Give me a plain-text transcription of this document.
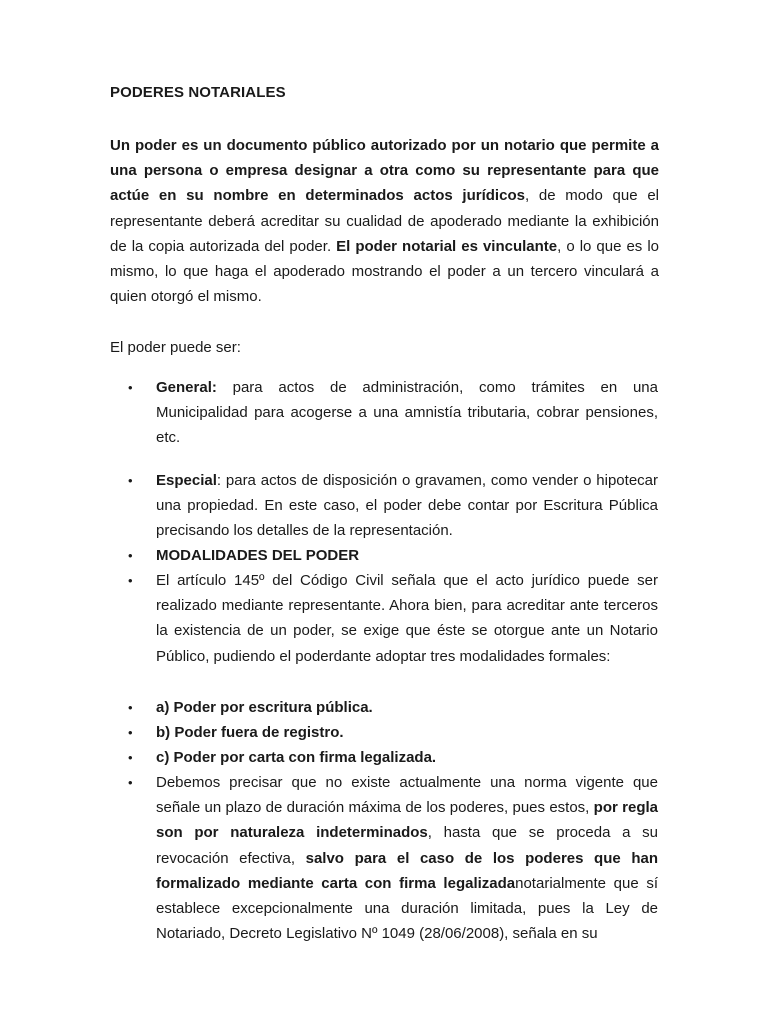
PODERES NOTARIALES
Un poder es un documento público autorizado por un notario que permite a una persona o empresa designar a otra como su representante para que actúe en su nombre en determinados actos jurídicos, de modo que el representante deberá acreditar su cualidad de apoderado mediante la exhibición de la copia autorizada del poder. El poder notarial es vinculante, o lo que es lo mismo, lo que haga el apoderado mostrando el poder a un tercero vinculará a quien otorgó el mismo.
El poder puede ser:
• General: para actos de administración, como trámites en una Municipalidad para acogerse a una amnistía tributaria, cobrar pensiones, etc.
• Especial: para actos de disposición o gravamen, como vender o hipotecar una propiedad. En este caso, el poder debe contar por Escritura Pública precisando los detalles de la representación.
• MODALIDADES DEL PODER
• El artículo 145º del Código Civil señala que el acto jurídico puede ser realizado mediante representante. Ahora bien, para acreditar ante terceros la existencia de un poder, se exige que éste se otorgue ante un Notario Público, pudiendo el poderdante adoptar tres modalidades formales:
• a) Poder por escritura pública.
• b) Poder fuera de registro.
• c) Poder por carta con firma legalizada.
• Debemos precisar que no existe actualmente una norma vigente que señale un plazo de duración máxima de los poderes, pues estos, por regla son por naturaleza indeterminados, hasta que se proceda a su revocación efectiva, salvo para el caso de los poderes que han formalizado mediante carta con firma legalizadanotarialmente que sí establece excepcionalmente una duración limitada, pues la Ley de Notariado, Decreto Legislativo Nº 1049 (28/06/2008), señala en su
